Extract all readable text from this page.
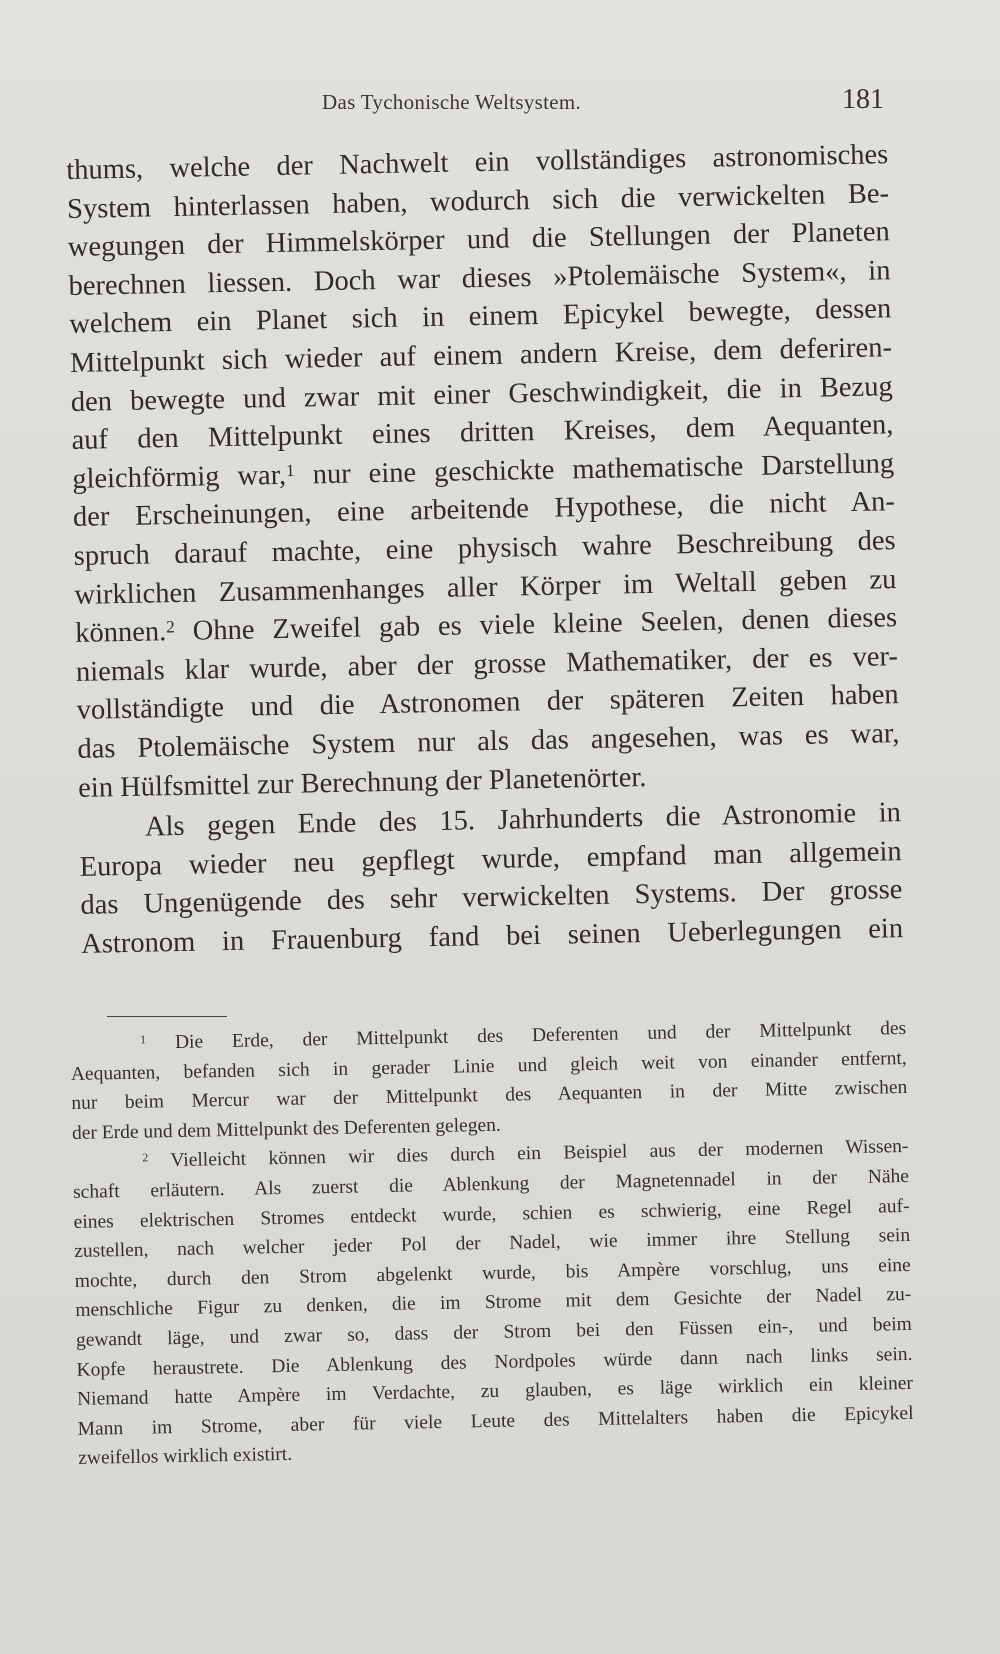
Das Tychonische Weltsystem.	181
thums, welche der Nachwelt ein vollständiges astronomisches
System hinterlassen haben, wodurch sich die verwickelten Be-
wegungen der Himmelskörper und die Stellungen der Planeten
berechnen liessen. Doch war dieses »Ptolemäische System«, in
welchem ein Planet sich in einem Epicykel bewegte, dessen
Mittelpunkt sich wieder auf einem andern Kreise, dem deferiren-
den bewegte und zwar mit einer Geschwindigkeit, die in Bezug
auf den Mittelpunkt eines dritten Kreises, dem Aequanten,
gleichförmig war,$^1$ nur eine geschickte mathematische Darstellung
der Erscheinungen, eine arbeitende Hypothese, die nicht An-
spruch darauf machte, eine physisch wahre Beschreibung des
wirklichen Zusammenhanges aller Körper im Weltall geben zu
können.$^2$ Ohne Zweifel gab es viele kleine Seelen, denen dieses
niemals klar wurde, aber der grosse Mathematiker, der es ver-
vollständigte und die Astronomen der späteren Zeiten haben
das Ptolemäische System nur als das angesehen, was es war,
ein Hülfsmittel zur Berechnung der Planetenörter.
Als gegen Ende des 15. Jahrhunderts die Astronomie in
Europa wieder neu gepflegt wurde, empfand man allgemein
das Ungenügende des sehr verwickelten Systems. Der grosse
Astronom in Frauenburg fand bei seinen Ueberlegungen ein
$^1$ Die Erde, der Mittelpunkt des Deferenten und der Mittelpunkt des
Aequanten, befanden sich in gerader Linie und gleich weit von einander entfernt,
nur beim Mercur war der Mittelpunkt des Aequanten in der Mitte zwischen
der Erde und dem Mittelpunkt des Deferenten gelegen.
$^2$ Vielleicht können wir dies durch ein Beispiel aus der modernen Wissen-
schaft erläutern. Als zuerst die Ablenkung der Magnetennadel in der Nähe
eines elektrischen Stromes entdeckt wurde, schien es schwierig, eine Regel auf-
zustellen, nach welcher jeder Pol der Nadel, wie immer ihre Stellung sein
mochte, durch den Strom abgelenkt wurde, bis Ampère vorschlug, uns eine
menschliche Figur zu denken, die im Strome mit dem Gesichte der Nadel zu-
gewandt läge, und zwar so, dass der Strom bei den Füssen ein-, und beim
Kopfe heraustrete. Die Ablenkung des Nordpoles würde dann nach links sein.
Niemand hatte Ampère im Verdachte, zu glauben, es läge wirklich ein kleiner
Mann im Strome, aber für viele Leute des Mittelalters haben die Epicykel
zweifellos wirklich existirt.
